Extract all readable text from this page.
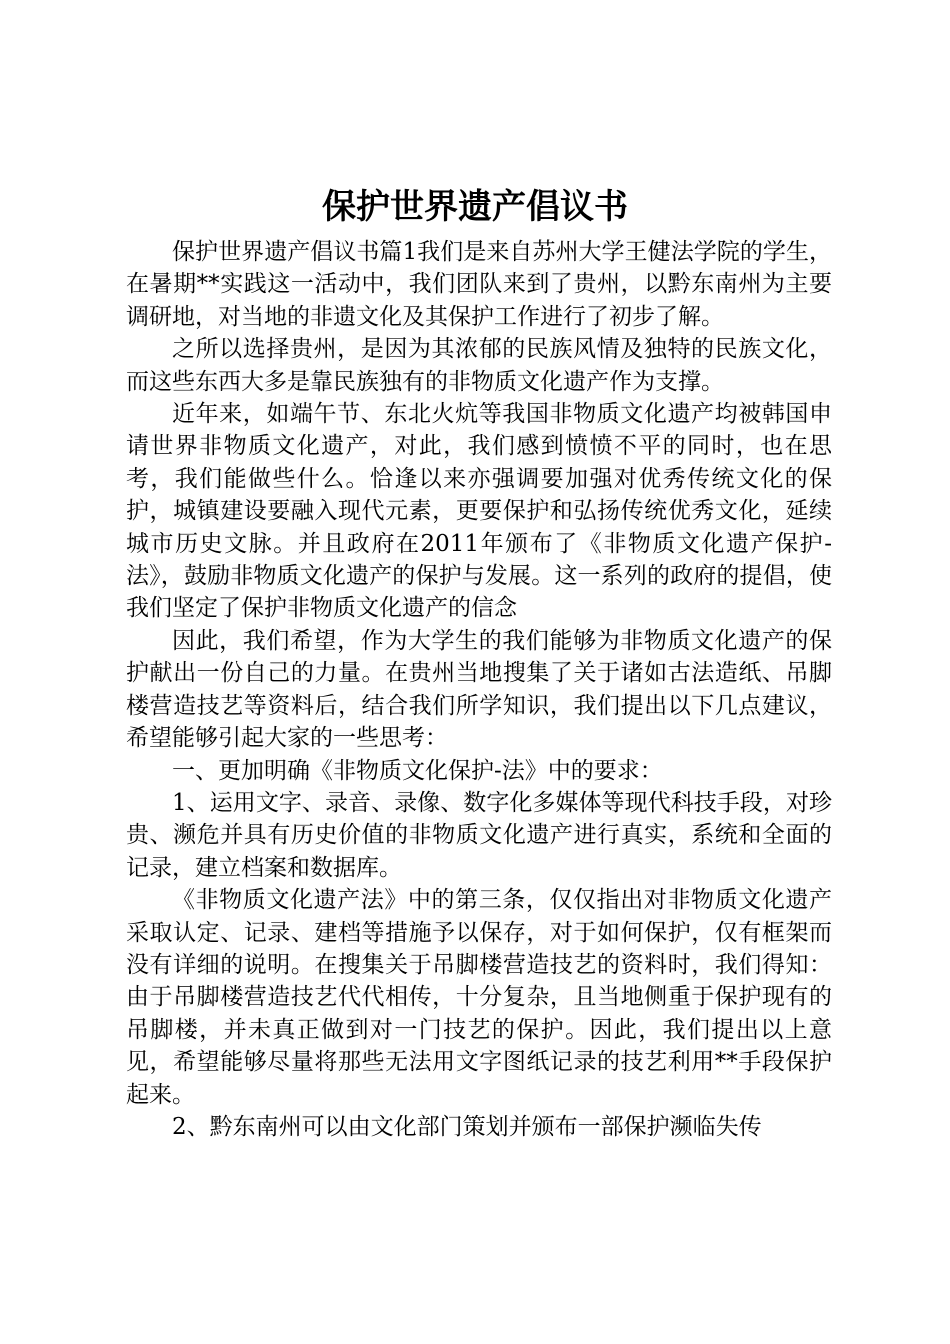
保护世界遗产倡议书

保护世界遗产倡议书篇1我们是来自苏州大学王健法学院的学生，在暑期**实践这一活动中，我们团队来到了贵州，以黔东南州为主要调研地，对当地的非遗文化及其保护工作进行了初步了解。

之所以选择贵州，是因为其浓郁的民族风情及独特的民族文化，而这些东西大多是靠民族独有的非物质文化遗产作为支撑。

近年来，如端午节、东北火炕等我国非物质文化遗产均被韩国申请世界非物质文化遗产，对此，我们感到愤愤不平的同时，也在思考，我们能做些什么。恰逢以来亦强调要加强对优秀传统文化的保护，城镇建设要融入现代元素，更要保护和弘扬传统优秀文化，延续城市历史文脉。并且政府在2011年颁布了《非物质文化遗产保护-法》，鼓励非物质文化遗产的保护与发展。这一系列的政府的提倡，使我们坚定了保护非物质文化遗产的信念

因此，我们希望，作为大学生的我们能够为非物质文化遗产的保护献出一份自己的力量。在贵州当地搜集了关于诸如古法造纸、吊脚楼营造技艺等资料后，结合我们所学知识，我们提出以下几点建议，希望能够引起大家的一些思考：

一、更加明确《非物质文化保护-法》中的要求：

1、运用文字、录音、录像、数字化多媒体等现代科技手段，对珍贵、濒危并具有历史价值的非物质文化遗产进行真实，系统和全面的记录，建立档案和数据库。

《非物质文化遗产法》中的第三条，仅仅指出对非物质文化遗产采取认定、记录、建档等措施予以保存，对于如何保护，仅有框架而没有详细的说明。在搜集关于吊脚楼营造技艺的资料时，我们得知：由于吊脚楼营造技艺代代相传，十分复杂，且当地侧重于保护现有的吊脚楼，并未真正做到对一门技艺的保护。因此，我们提出以上意见，希望能够尽量将那些无法用文字图纸记录的技艺利用**手段保护起来。

2、黔东南州可以由文化部门策划并颁布一部保护濒临失传
